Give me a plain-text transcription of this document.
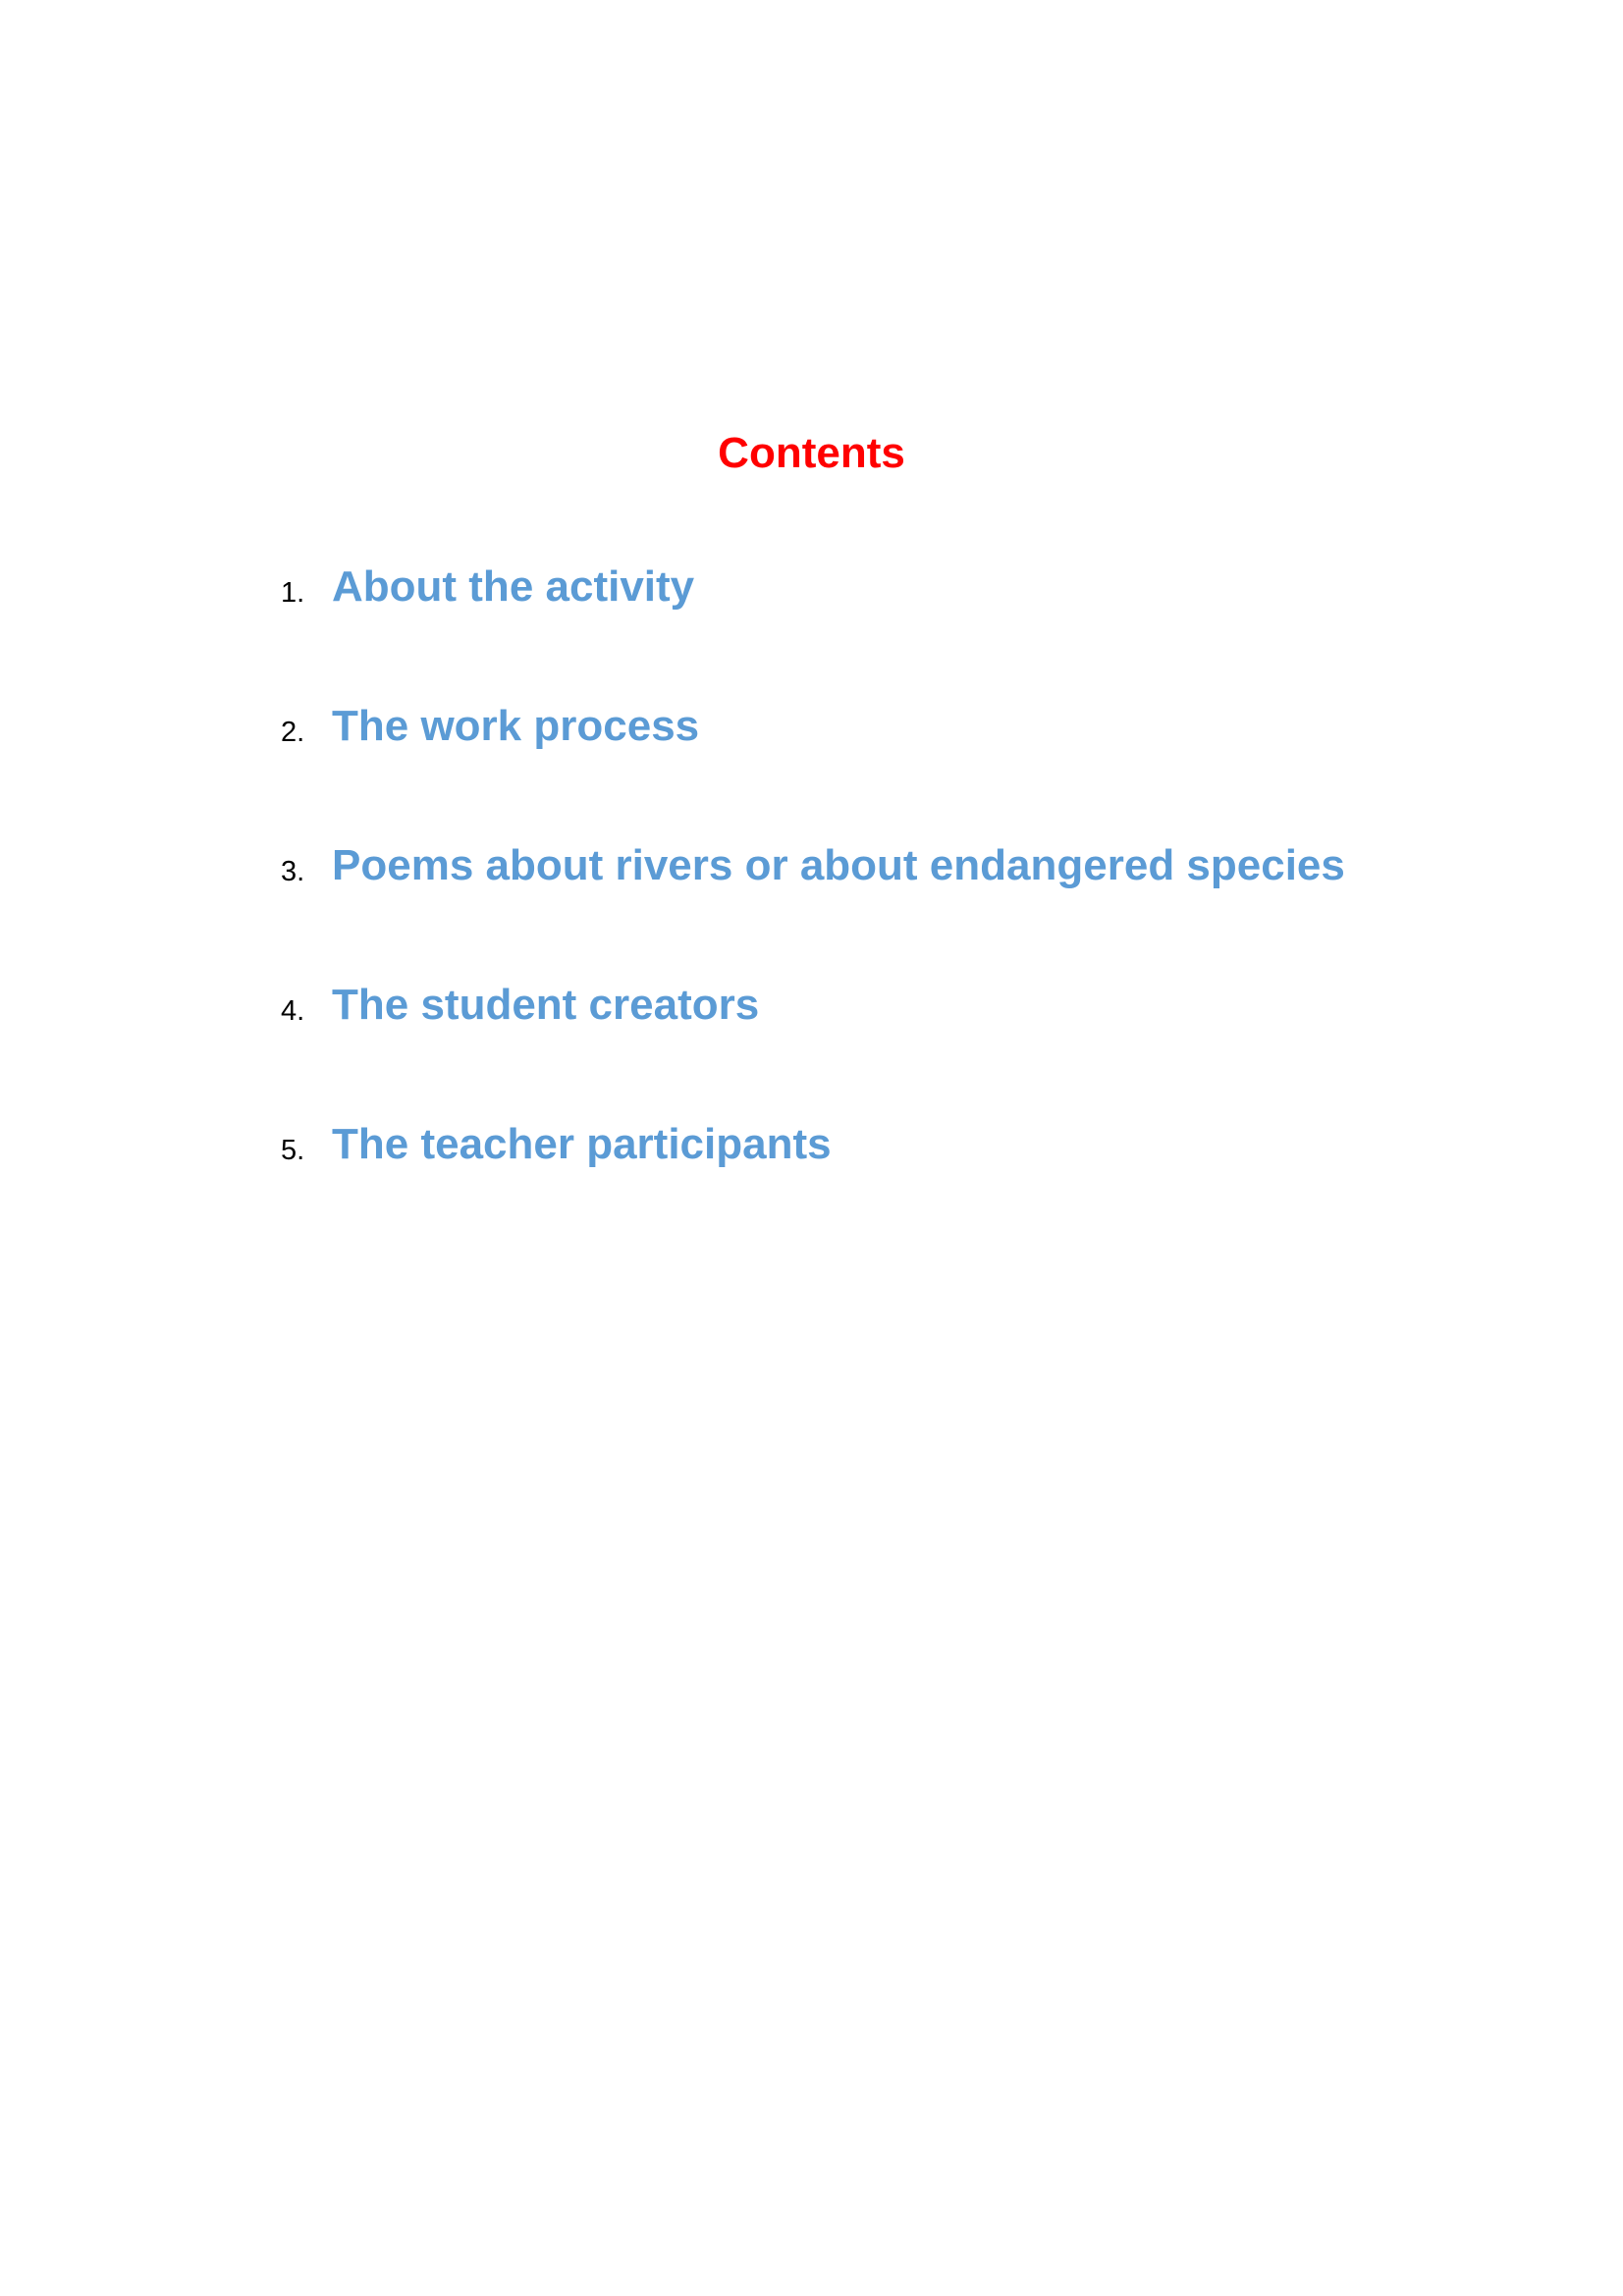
Contents
1. About the activity
2. The work process
3. Poems about rivers or about endangered species
4. The student creators
5. The teacher participants
